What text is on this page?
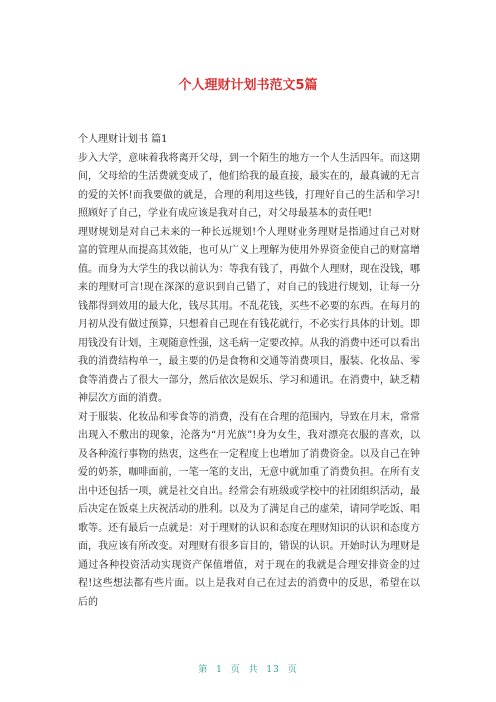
个人理财计划书范文5篇

个人理财计划书 篇1

步入大学，意味着我将离开父母，到一个陌生的地方一个人生活四年。而这期间，父母给的生活费就变成了，他们给我的最直接，最实在的，最真诚的无言的爱的关怀!而我要做的就是，合理的利用这些钱，打理好自己的生活和学习!照顾好了自己，学业有成应该是我对自己，对父母最基本的责任吧!

理财规划是对自己未来的一种长远规划!个人理财业务理财是指通过自己对财富的管理从而提高其效能，也可从广义上理解为使用外界资金使自己的财富增值。而身为大学生的我以前认为：等我有钱了，再做个人理财，现在没钱，哪来的理财可言!现在深深的意识到自己错了，对自己的钱进行规划，让每一分钱都得到效用的最大化，钱尽其用。不乱花钱，买些不必要的东西。在每月的月初从没有做过预算，只想着自己现在有钱花就行，不必实行具体的计划。即用钱没有计划，主观随意性强，这毛病一定要改掉。从我的消费中还可以看出我的消费结构单一，最主要的仍是食物和交通等消费项目，服装、化妆品、零食等消费占了很大一部分，然后依次是娱乐、学习和通讯。在消费中，缺乏精神层次方面的消费。

对于服装、化妆品和零食等的消费，没有在合理的范围内，导致在月末，常常出现入不敷出的现象，沦落为“月光族”!身为女生，我对漂亮衣服的喜欢，以及各种流行事物的热衷，这些在一定程度上也增加了消费资金。以及自己在钟爱的奶茶，咖啡面前，一笔一笔的支出，无意中就加重了消费负担。在所有支出中还包括一项，就是社交自出。经常会有班级或学校中的社团组织活动，最后决定在饭桌上庆祝活动的胜利。以及为了满足自己的虚荣，请同学吃饭、唱歌等。还有最后一点就是：对于理财的认识和态度在理财知识的认识和态度方面，我应该有所改变。对理财有很多盲目的，错误的认识。开始时认为理财是通过各种投资活动实现资产保值增值，对于现在的我就是合理安排资金的过程!这些想法都有些片面。以上是我对自己在过去的消费中的反思，希望在以后的

第 1 页 共 13 页
